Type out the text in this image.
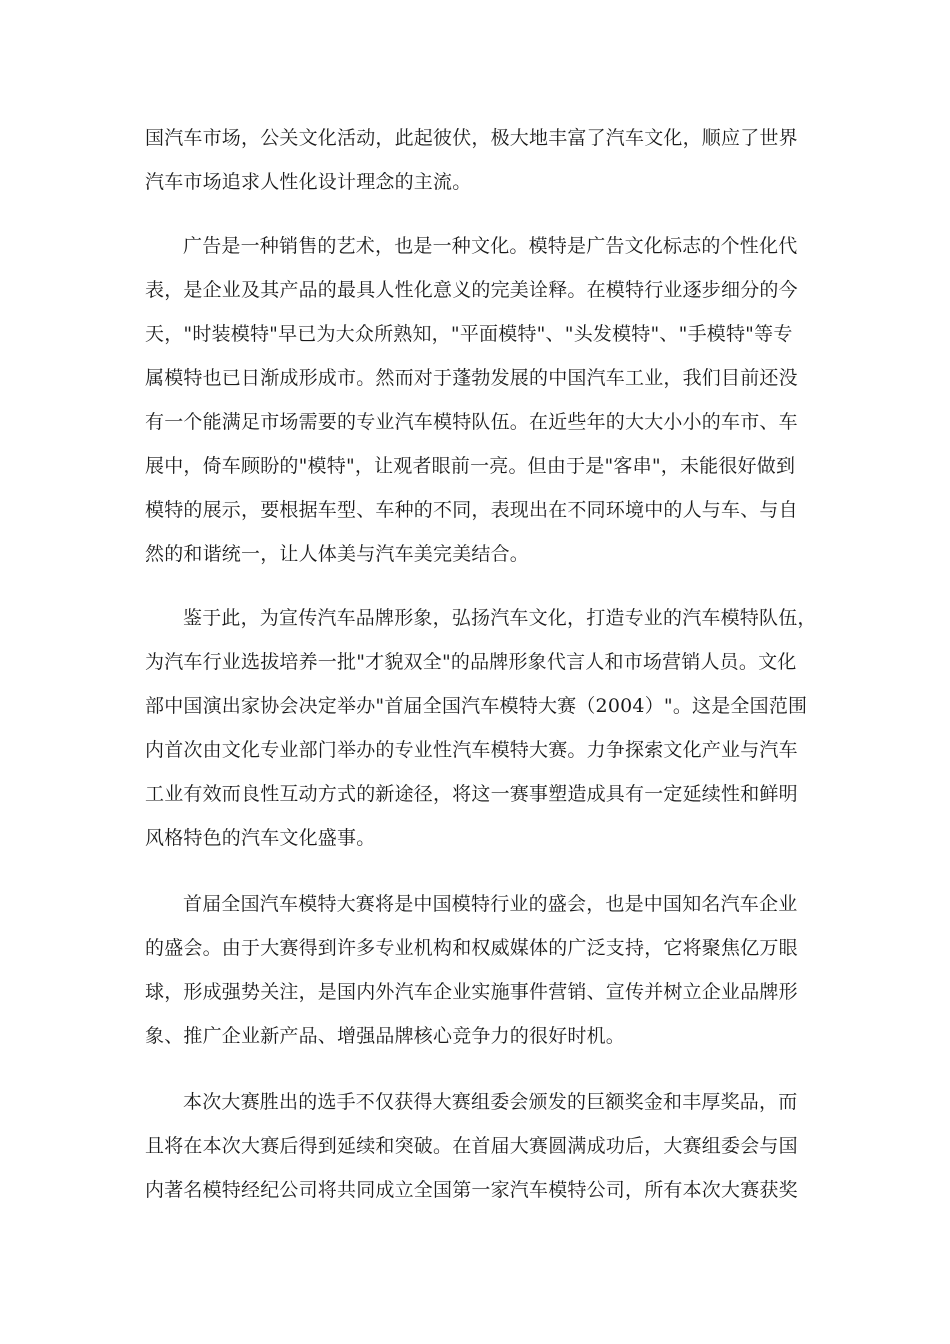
国汽车市场，公关文化活动，此起彼伏，极大地丰富了汽车文化，顺应了世界
汽车市场追求人性化设计理念的主流。
广告是一种销售的艺术，也是一种文化。模特是广告文化标志的个性化代
表，是企业及其产品的最具人性化意义的完美诠释。在模特行业逐步细分的今
天，"时装模特"早已为大众所熟知，"平面模特"、"头发模特"、"手模特"等专
属模特也已日渐成形成市。然而对于蓬勃发展的中国汽车工业，我们目前还没
有一个能满足市场需要的专业汽车模特队伍。在近些年的大大小小的车市、车
展中，倚车顾盼的"模特"，让观者眼前一亮。但由于是"客串"，未能很好做到
模特的展示，要根据车型、车种的不同，表现出在不同环境中的人与车、与自
然的和谐统一，让人体美与汽车美完美结合。
鉴于此，为宣传汽车品牌形象，弘扬汽车文化，打造专业的汽车模特队伍，
为汽车行业选拔培养一批"才貌双全"的品牌形象代言人和市场营销人员。文化
部中国演出家协会决定举办"首届全国汽车模特大赛（2004）"。这是全国范围
内首次由文化专业部门举办的专业性汽车模特大赛。力争探索文化产业与汽车
工业有效而良性互动方式的新途径，将这一赛事塑造成具有一定延续性和鲜明
风格特色的汽车文化盛事。
首届全国汽车模特大赛将是中国模特行业的盛会，也是中国知名汽车企业
的盛会。由于大赛得到许多专业机构和权威媒体的广泛支持，它将聚焦亿万眼
球，形成强势关注，是国内外汽车企业实施事件营销、宣传并树立企业品牌形
象、推广企业新产品、增强品牌核心竞争力的很好时机。
本次大赛胜出的选手不仅获得大赛组委会颁发的巨额奖金和丰厚奖品，而
且将在本次大赛后得到延续和突破。在首届大赛圆满成功后，大赛组委会与国
内著名模特经纪公司将共同成立全国第一家汽车模特公司，所有本次大赛获奖
